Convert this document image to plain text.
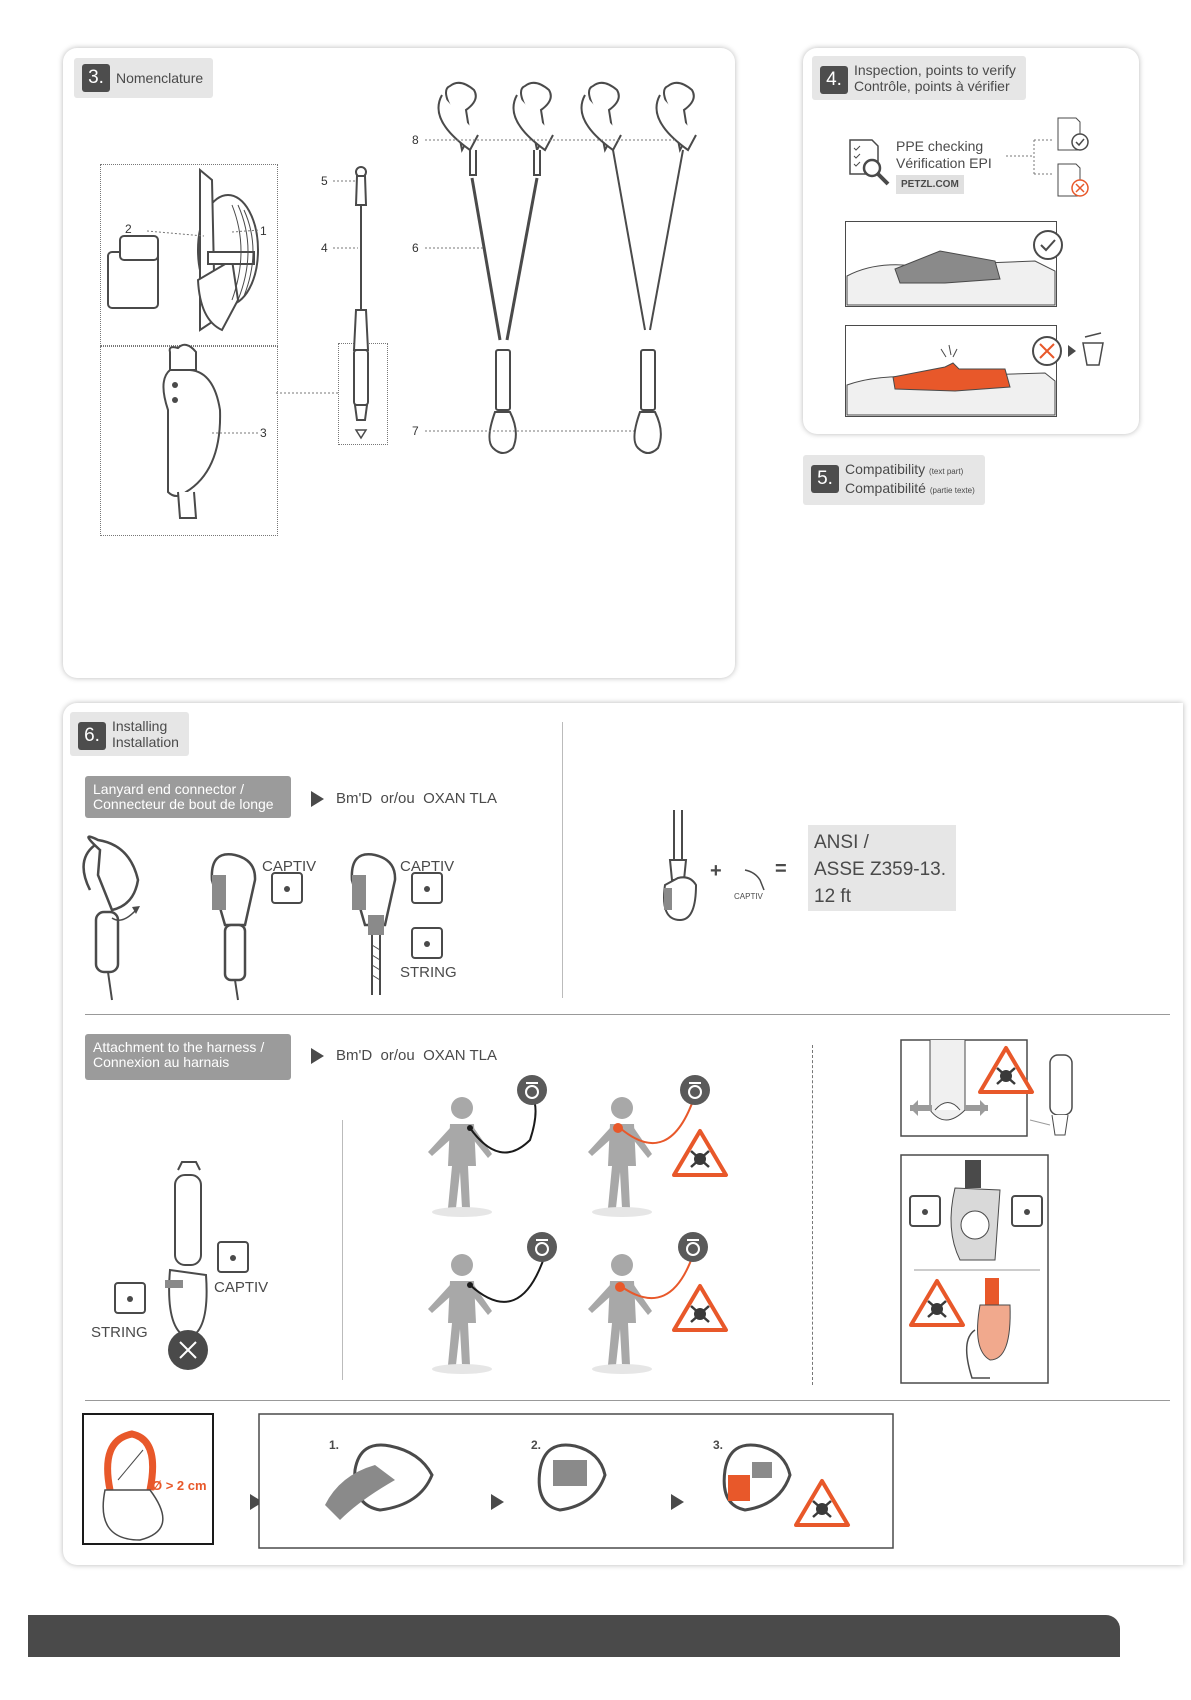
3. Nomenclature
1
2
3
4
5
6
7
8
4. Inspection, points to verify
Contrôle, points à vérifier
PPE checking
Vérification EPI
PETZL.COM
5. Compatibility (text part)
Compatibilité (partie texte)
6. Installing
Installation
Lanyard end connector /
Connecteur de bout de longe	Bm'D
or/ou
OXAN TLA
CAPTIV	CAPTIV
STRING
+	=
CAPTIV
ANSI /
ASSE Z359-13.
12 ft
Attachment to the harness /
Connexion au harnais	Bm'D
or/ou
OXAN TLA
CAPTIV
STRING
Ø > 2 cm
1.	2.	3.
